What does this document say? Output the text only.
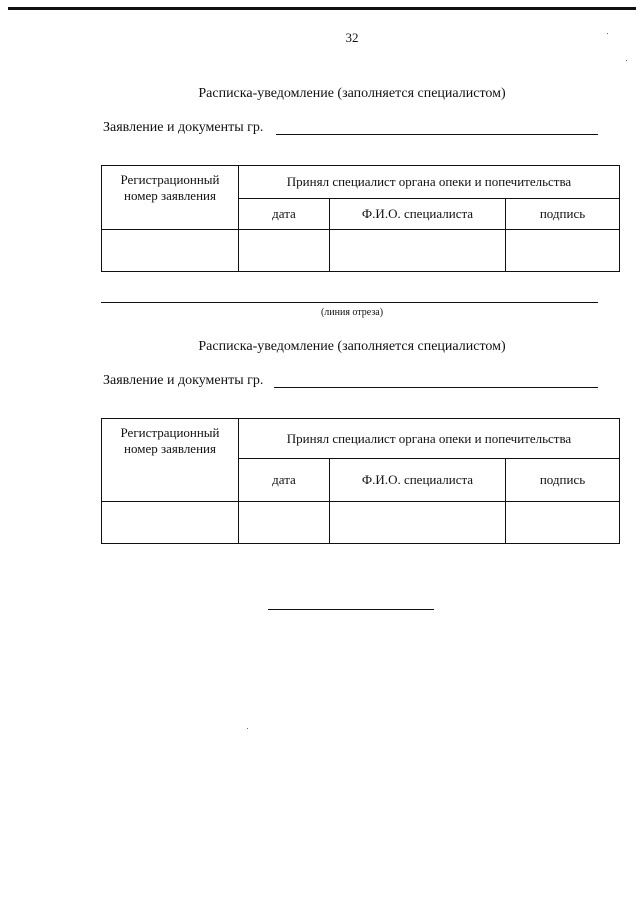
32
Расписка-уведомление (заполняется специалистом)
Заявление и документы гр.
Регистрационный номер заявления	Принял специалист органа опеки и попечительства		
	дата	Ф.И.О. специалиста	подпись

(линия отреза)
Расписка-уведомление (заполняется специалистом)
Заявление и документы гр.
Регистрационный номер заявления	Принял специалист органа опеки и попечительства		
	дата	Ф.И.О. специалиста	подпись
